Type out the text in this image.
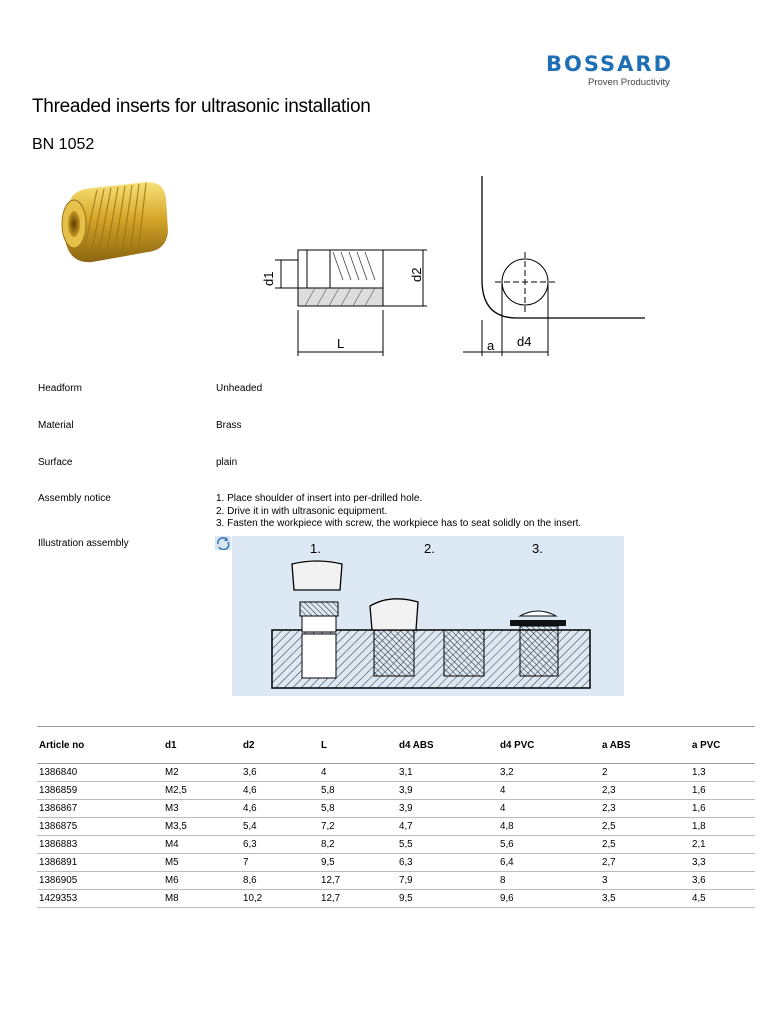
BOSSARD
Proven Productivity
Threaded inserts for ultrasonic installation
BN 1052
d1	d2
L	a d4
Headform	Unheaded
Material	Brass
Surface	plain
Assembly notice	1. Place shoulder of insert into per-drilled hole.
2. Drive it in with ultrasonic equipment.
3. Fasten the workpiece with screw, the workpiece has to seat solidly on the insert.
Illustration assembly	1.	2.	3.
Article no	d1	d2	L	d4 ABS	d4 PVC	a ABS	a PVC
1386840	M2	3,6	4	3,1	3,2	2	1,3
1386859	M2,5	4,6	5,8	3,9	4	2,3	1,6
1386867	M3	4,6	5,8	3,9	4	2,3	1,6
1386875	M3,5	5,4	7,2	4,7	4,8	2,5	1,8
1386883	M4	6,3	8,2	5,5	5,6	2,5	2,1
1386891	M5	7	9,5	6,3	6,4	2,7	3,3
1386905	M6	8,6	12,7	7,9	8	3	3,6
1429353	M8	10,2	12,7	9,5	9,6	3,5	4,5
